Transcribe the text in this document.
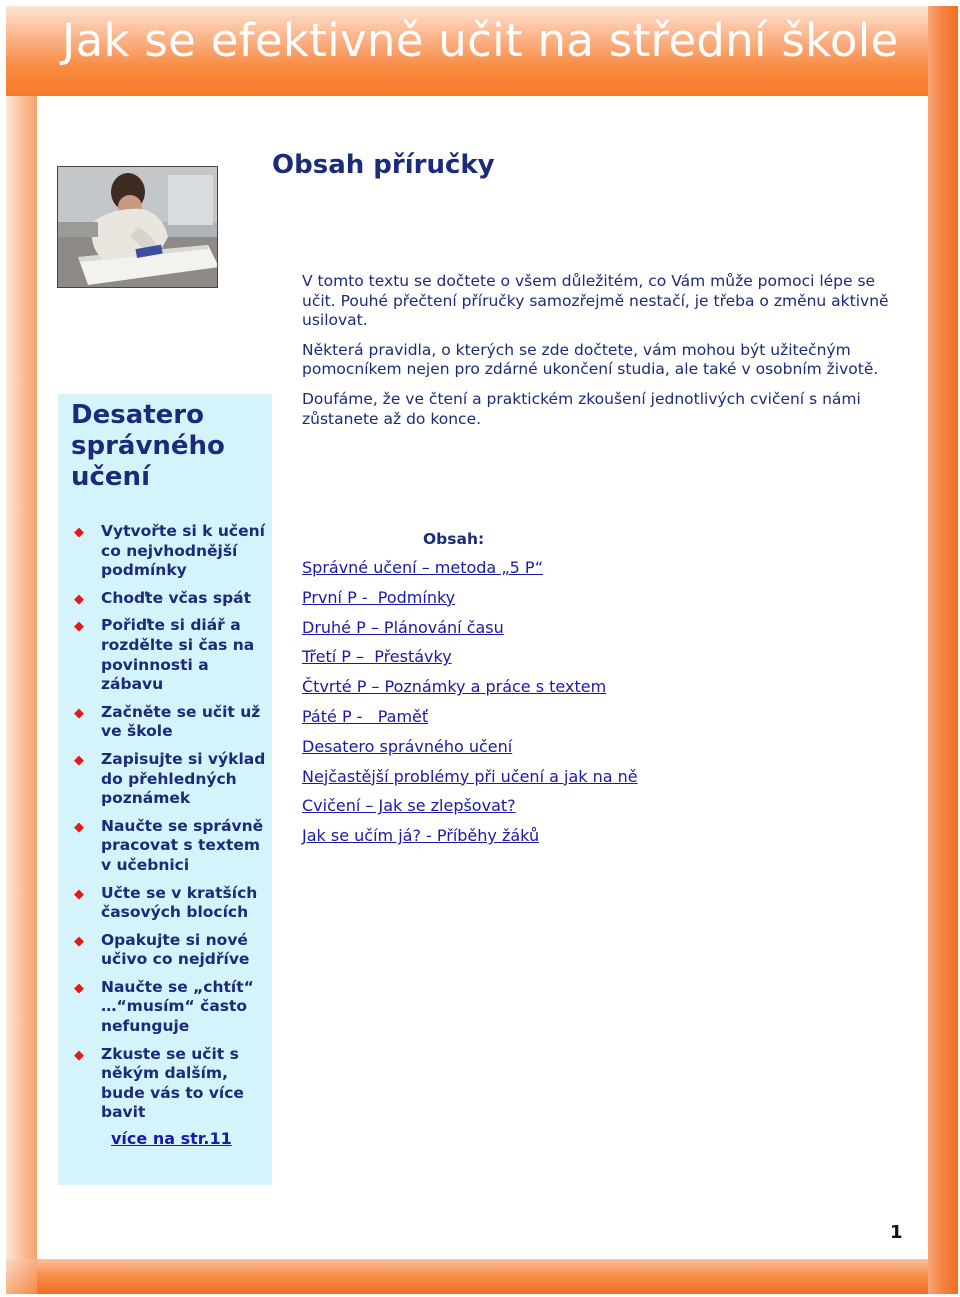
Jak se efektivně učit na střední škole
Obsah příručky

V tomto textu se dočtete o všem důležitém, co Vám může pomoci lépe se učit. Pouhé přečtení příručky samozřejmě nestačí, je třeba o změnu aktivně usilovat.

Některá pravidla, o kterých se zde dočtete, vám mohou být užitečným pomocníkem nejen pro zdárné ukončení studia, ale také v osobním životě.

Doufáme, že ve čtení a praktickém zkoušení jednotlivých cvičení s námi zůstanete až do konce.

Desatero správného učení
◆ Vytvořte si k učení co nejvhodnější podmínky
◆ Choďte včas spát
◆ Pořiďte si diář a rozdělte si čas na povinnosti a zábavu
◆ Začněte se učit už ve škole
◆ Zapisujte si výklad do přehledných poznámek
◆ Naučte se správně pracovat s textem v učebnici
◆ Učte se v kratších časových blocích
◆ Opakujte si nové učivo co nejdříve
◆ Naučte se „chtít“ …“musím“ často nefunguje
◆ Zkuste se učit s někým dalším, bude vás to více bavit
více na str.11
Obsah:
Správné učení – metoda „5 P“
První P -  Podmínky
Druhé P – Plánování času
Třetí P –  Přestávky
Čtvrté P – Poznámky a práce s textem
Páté P -   Paměť
Desatero správného učení
Nejčastější problémy při učení a jak na ně
Cvičení – Jak se zlepšovat?
Jak se učím já? - Příběhy žáků
1
